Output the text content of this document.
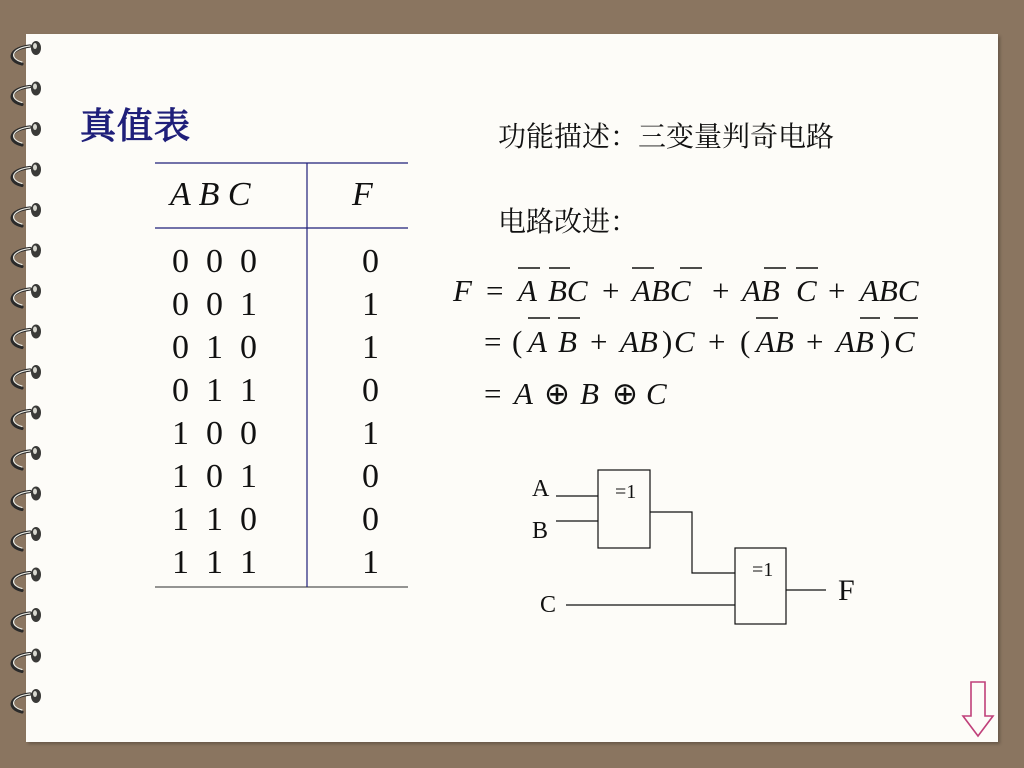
真值表	功能描述：三变量判奇电路
电路改进：
A B C	F
0  0  0	0
0  0  1	1
0  1  0	1
0  1  1	0
1  0  0	1
1  0  1	0
1  1  0	0
1  1  1	1
F = A BC + ABC + AB C + ABC
= ( A B + AB ) C + ( AB + AB ) C
= A ⊕ B ⊕ C
A
B
C	F
=1
=1
